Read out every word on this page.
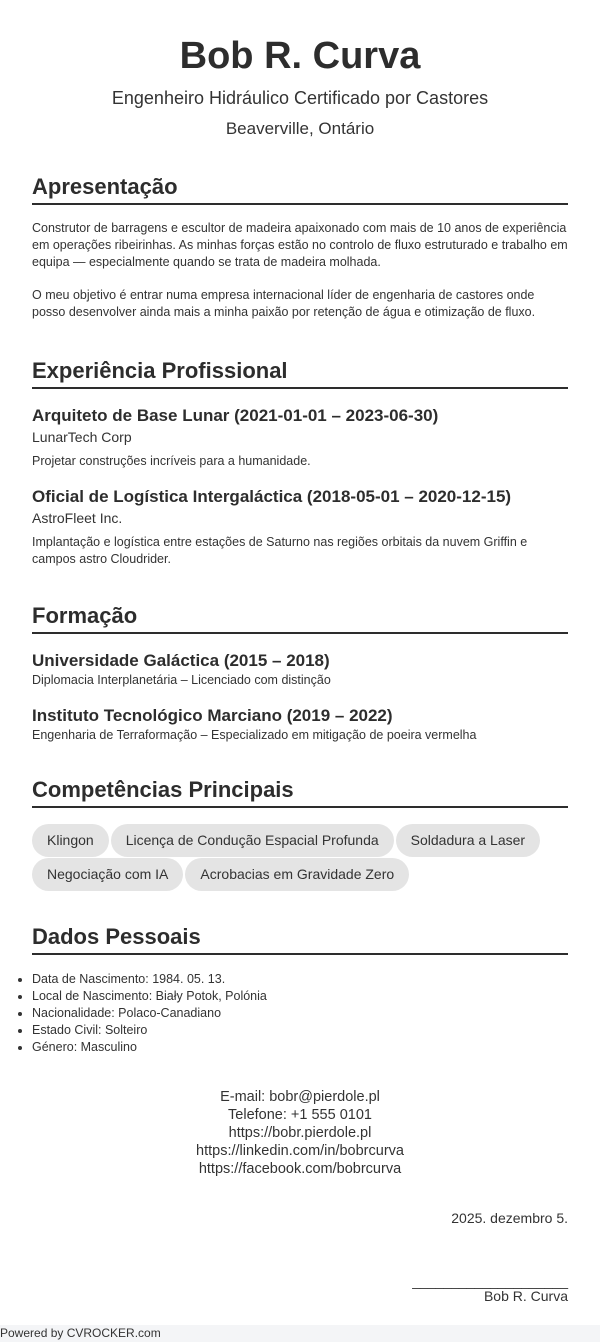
Bob R. Curva
Engenheiro Hidráulico Certificado por Castores
Beaverville, Ontário
Apresentação

Construtor de barragens e escultor de madeira apaixonado com mais de 10 anos de experiência em operações ribeirinhas. As minhas forças estão no controlo de fluxo estruturado e trabalho em equipa — especialmente quando se trata de madeira molhada.

O meu objetivo é entrar numa empresa internacional líder de engenharia de castores onde posso desenvolver ainda mais a minha paixão por retenção de água e otimização de fluxo.

Experiência Profissional
Arquiteto de Base Lunar (2021-01-01 – 2023-06-30)
LunarTech Corp
Projetar construções incríveis para a humanidade.
Oficial de Logística Intergaláctica (2018-05-01 – 2020-12-15)
AstroFleet Inc.
Implantação e logística entre estações de Saturno nas regiões orbitais da nuvem Griffin e campos astro Cloudrider.
Formação
Universidade Galáctica (2015 – 2018)
Diplomacia Interplanetária – Licenciado com distinção
Instituto Tecnológico Marciano (2019 – 2022)
Engenharia de Terraformação – Especializado em mitigação de poeira vermelha
Competências Principais
Klingon	Licença de Condução Espacial Profunda	Soldadura a Laser
Negociação com IA	Acrobacias em Gravidade Zero
Dados Pessoais
Data de Nascimento: 1984. 05. 13.
Local de Nascimento: Biały Potok, Polónia
Nacionalidade: Polaco-Canadiano
Estado Civil: Solteiro
Género: Masculino
E-mail: bobr@pierdole.pl
Telefone: +1 555 0101
https://bobr.pierdole.pl
https://linkedin.com/in/bobrcurva
https://facebook.com/bobrcurva
2025. dezembro 5.
____________________
Bob R. Curva
Powered by CVROCKER.com
